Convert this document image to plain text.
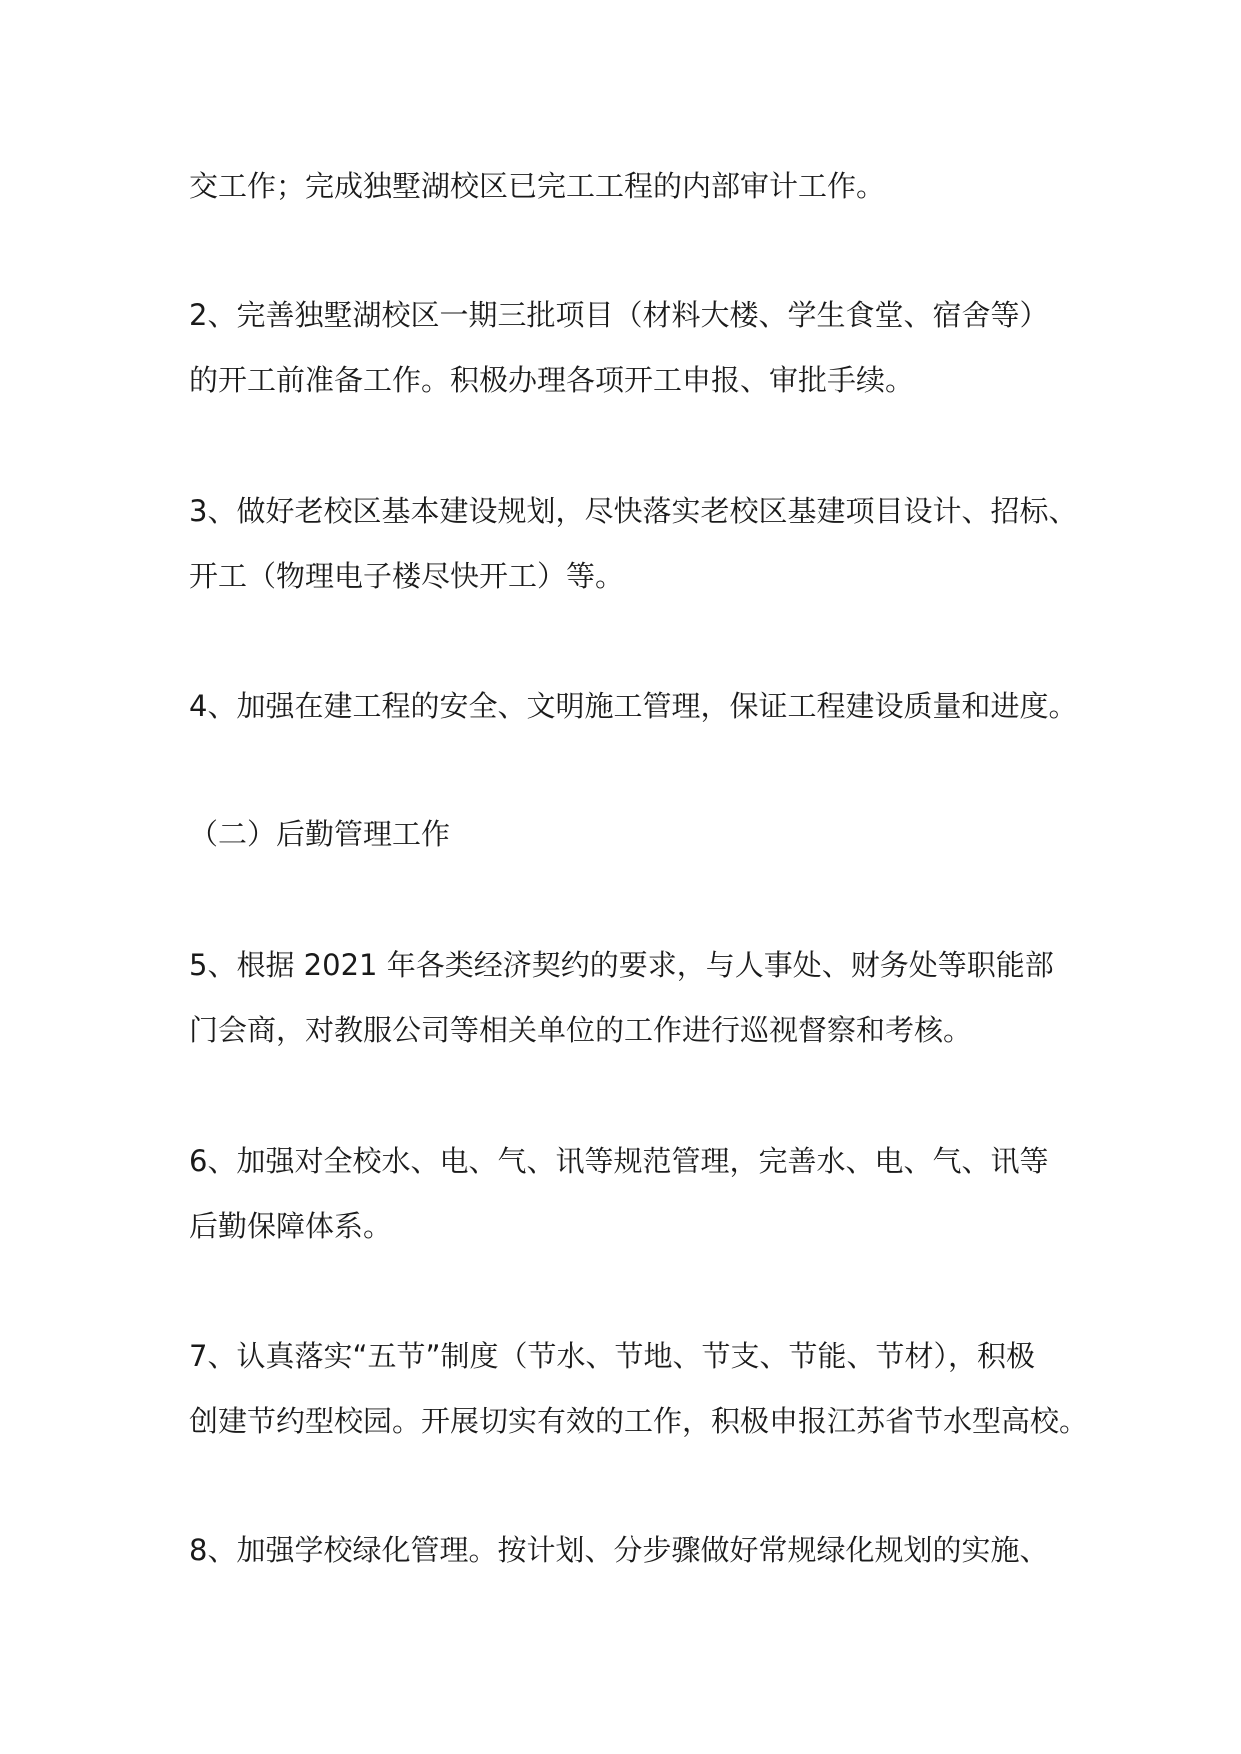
交工作；完成独墅湖校区已完工工程的内部审计工作。
2、完善独墅湖校区一期三批项目（材料大楼、学生食堂、宿舍等）
的开工前准备工作。积极办理各项开工申报、审批手续。
3、做好老校区基本建设规划，尽快落实老校区基建项目设计、招标、
开工（物理电子楼尽快开工）等。
4、加强在建工程的安全、文明施工管理，保证工程建设质量和进度。
（二）后勤管理工作
5、根据 2021 年各类经济契约的要求，与人事处、财务处等职能部
门会商，对教服公司等相关单位的工作进行巡视督察和考核。
6、加强对全校水、电、气、讯等规范管理，完善水、电、气、讯等
后勤保障体系。
7、认真落实“五节”制度（节水、节地、节支、节能、节材），积极
创建节约型校园。开展切实有效的工作，积极申报江苏省节水型高校。
8、加强学校绿化管理。按计划、分步骤做好常规绿化规划的实施、
